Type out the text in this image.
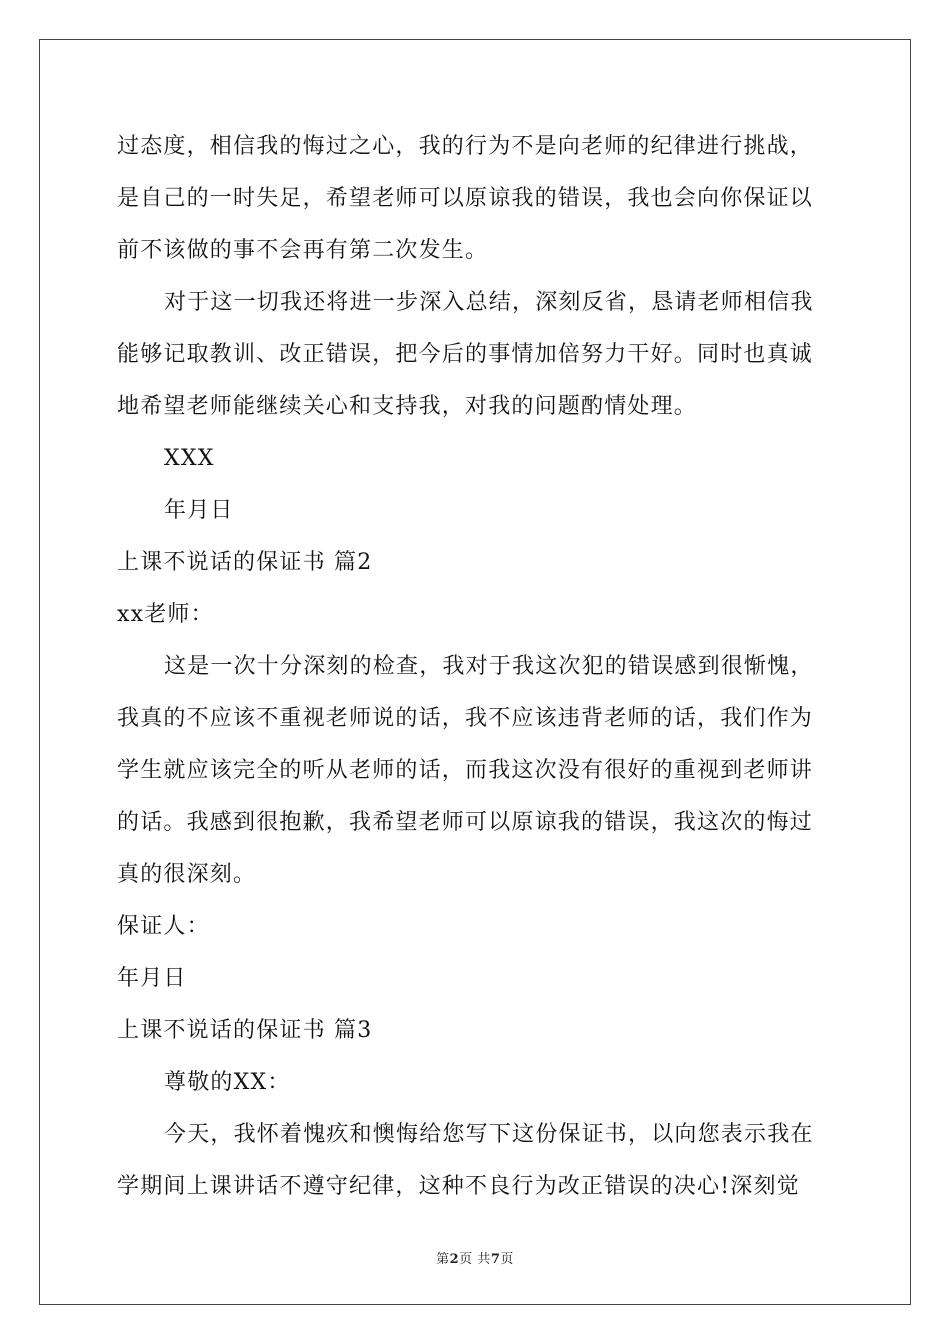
过态度，相信我的悔过之心，我的行为不是向老师的纪律进行挑战，
是自己的一时失足，希望老师可以原谅我的错误，我也会向你保证以
前不该做的事不会再有第二次发生。
对于这一切我还将进一步深入总结，深刻反省，恳请老师相信我
能够记取教训、改正错误，把今后的事情加倍努力干好。同时也真诚
地希望老师能继续关心和支持我，对我的问题酌情处理。
XXX
年月日
上课不说话的保证书 篇2
xx老师：
这是一次十分深刻的检查，我对于我这次犯的错误感到很惭愧，
我真的不应该不重视老师说的话，我不应该违背老师的话，我们作为
学生就应该完全的听从老师的话，而我这次没有很好的重视到老师讲
的话。我感到很抱歉，我希望老师可以原谅我的错误，我这次的悔过
真的很深刻。
保证人：
年月日
上课不说话的保证书 篇3
尊敬的XX：
今天，我怀着愧疚和懊悔给您写下这份保证书，以向您表示我在
学期间上课讲话不遵守纪律，这种不良行为改正错误的决心!深刻觉
第2页 共7页
